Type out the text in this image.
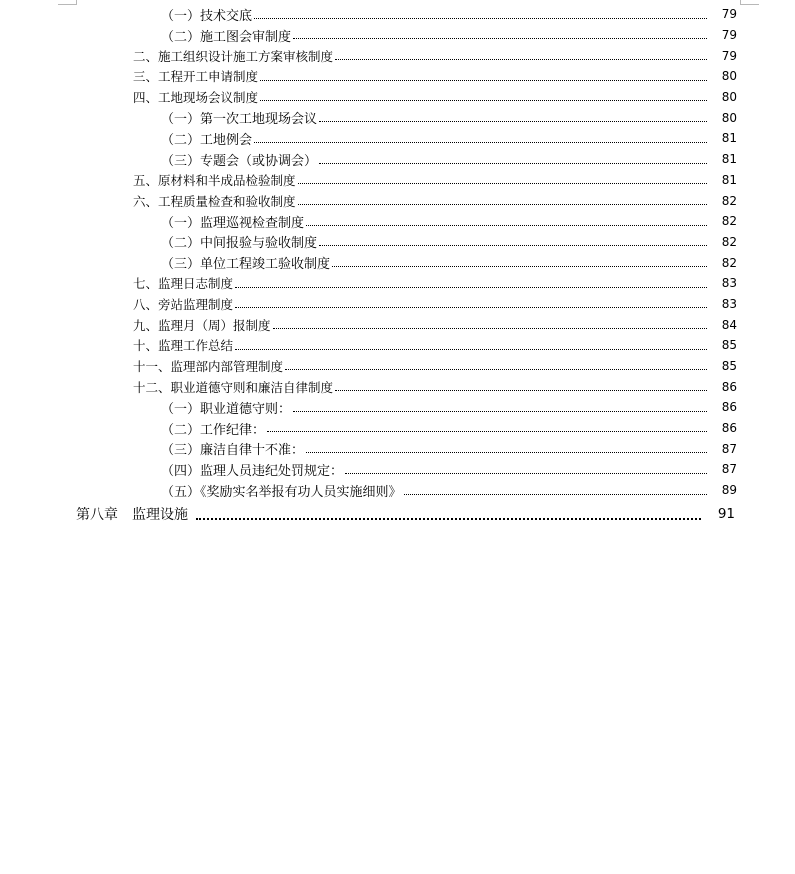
（一）技术交底	79
（二）施工图会审制度	79
二、施工组织设计施工方案审核制度	79
三、工程开工申请制度	80
四、工地现场会议制度	80
（一）第一次工地现场会议	80
（二）工地例会	81
（三）专题会（或协调会）	81
五、原材料和半成品检验制度	81
六、工程质量检查和验收制度	82
（一）监理巡视检查制度	82
（二）中间报验与验收制度	82
（三）单位工程竣工验收制度	82
七、监理日志制度	83
八、旁站监理制度	83
九、监理月（周）报制度	84
十、监理工作总结	85
十一、监理部内部管理制度	85
十二、职业道德守则和廉洁自律制度	86
（一）职业道德守则：	86
（二）工作纪律：	86
（三）廉洁自律十不准：	87
（四）监理人员违纪处罚规定：	87
（五）《奖励实名举报有功人员实施细则》	89
第八章　监理设施	91
